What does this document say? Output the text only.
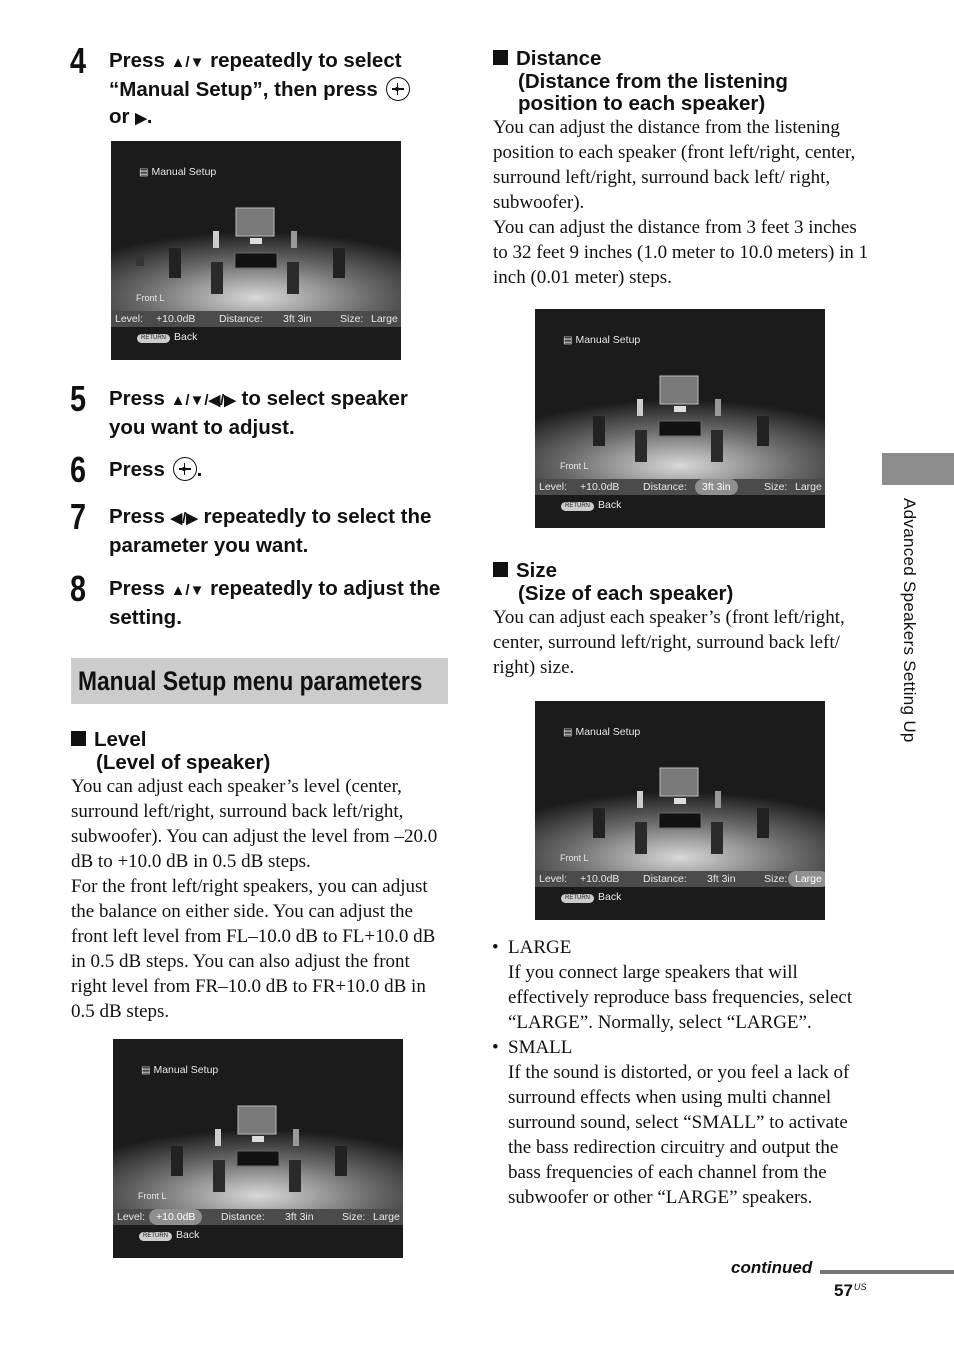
4 Press ▲/▼ repeatedly to select “Manual Setup”, then press

or ▶.
▤ Manual Setup
Front L
Level: +10.0dB Distance: 3ft 3in	Size: Large
RETURN Back
5 Press ▲/▼/◀/▶ to select speaker you want to adjust.
6 Press
.
7 Press ◀/▶ repeatedly to select the parameter you want.
8 Press ▲/▼ repeatedly to adjust the setting.
Manual Setup menu parameters
Level
(Level of speaker)

You can adjust each speaker’s level (center, surround left/right, surround back left/right, subwoofer). You can adjust the level from –20.0 dB to +10.0 dB in 0.5 dB steps.

For the front left/right speakers, you can adjust the balance on either side. You can adjust the front left level from FL–10.0 dB to FL+10.0 dB in 0.5 dB steps. You can also adjust the front right level from FR–10.0 dB to FR+10.0 dB in 0.5 dB steps.

▤ Manual Setup
Front L
Level:	+10.0dB	Distance: 3ft 3in	Size: Large
RETURN Back
Distance
(Distance from the listening
position to each speaker)

You can adjust the distance from the listening position to each speaker (front left/right, center, surround left/right, surround back left/ right, subwoofer).

You can adjust the distance from 3 feet 3 inches to 32 feet 9 inches (1.0 meter to 10.0 meters) in 1 inch (0.01 meter) steps.

▤ Manual Setup
Front L
Level: +10.0dB Distance:	3ft 3in	Size: Large
RETURN Back
Size
(Size of each speaker)

You can adjust each speaker’s (front left/right, center, surround left/right, surround back left/ right) size.

▤ Manual Setup
Front L
Level: +10.0dB Distance: 3ft 3in	Size: Large
RETURN Back
• LARGE
If you connect large speakers that will effectively reproduce bass frequencies, select “LARGE”. Normally, select “LARGE”.
• SMALL
If the sound is distorted, or you feel a lack of surround effects when using multi channel surround sound, select “SMALL” to activate the bass redirection circuitry and output the bass frequencies of each channel from the subwoofer or other “LARGE” speakers.
Advanced Speakers Setting Up
continued
$57^{US}$
